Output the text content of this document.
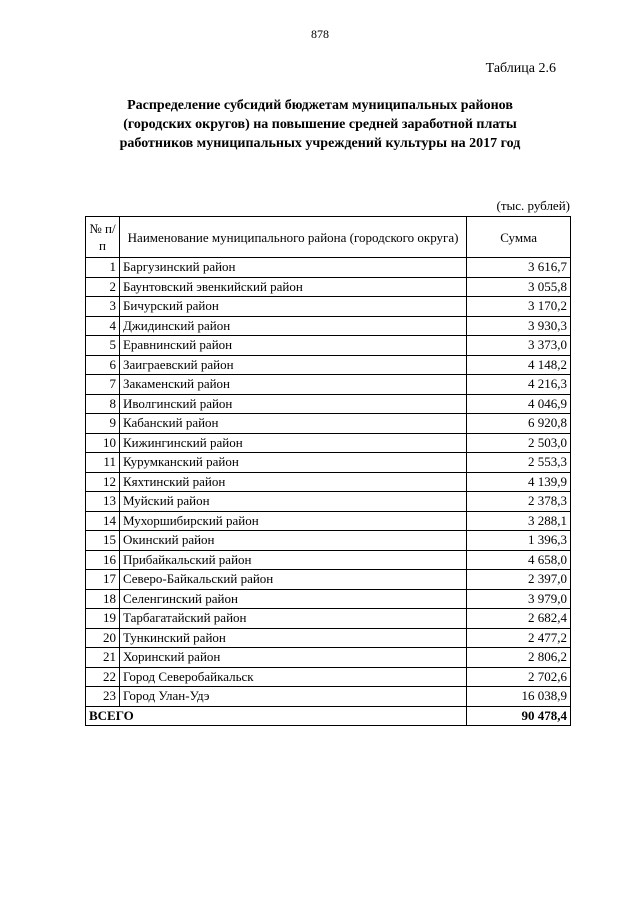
878
Таблица 2.6
Распределение субсидий бюджетам муниципальных районов
(городских округов) на повышение средней заработной платы
работников муниципальных учреждений культуры на 2017 год
(тыс. рублей)
№ п/п	Наименование муниципального района (городского округа)	Сумма
1	Баргузинский район	3 616,7
2	Баунтовский эвенкийский район	3 055,8
3	Бичурский район	3 170,2
4	Джидинский район	3 930,3
5	Еравнинский район	3 373,0
6	Заиграевский район	4 148,2
7	Закаменский район	4 216,3
8	Иволгинский район	4 046,9
9	Кабанский район	6 920,8
10	Кижингинский район	2 503,0
11	Курумканский район	2 553,3
12	Кяхтинский район	4 139,9
13	Муйский район	2 378,3
14	Мухоршибирский район	3 288,1
15	Окинский район	1 396,3
16	Прибайкальский район	4 658,0
17	Северо-Байкальский район	2 397,0
18	Селенгинский район	3 979,0
19	Тарбагатайский район	2 682,4
20	Тункинский район	2 477,2
21	Хоринский район	2 806,2
22	Город Северобайкальск	2 702,6
23	Город Улан-Удэ	16 038,9
ВСЕГО		90 478,4
